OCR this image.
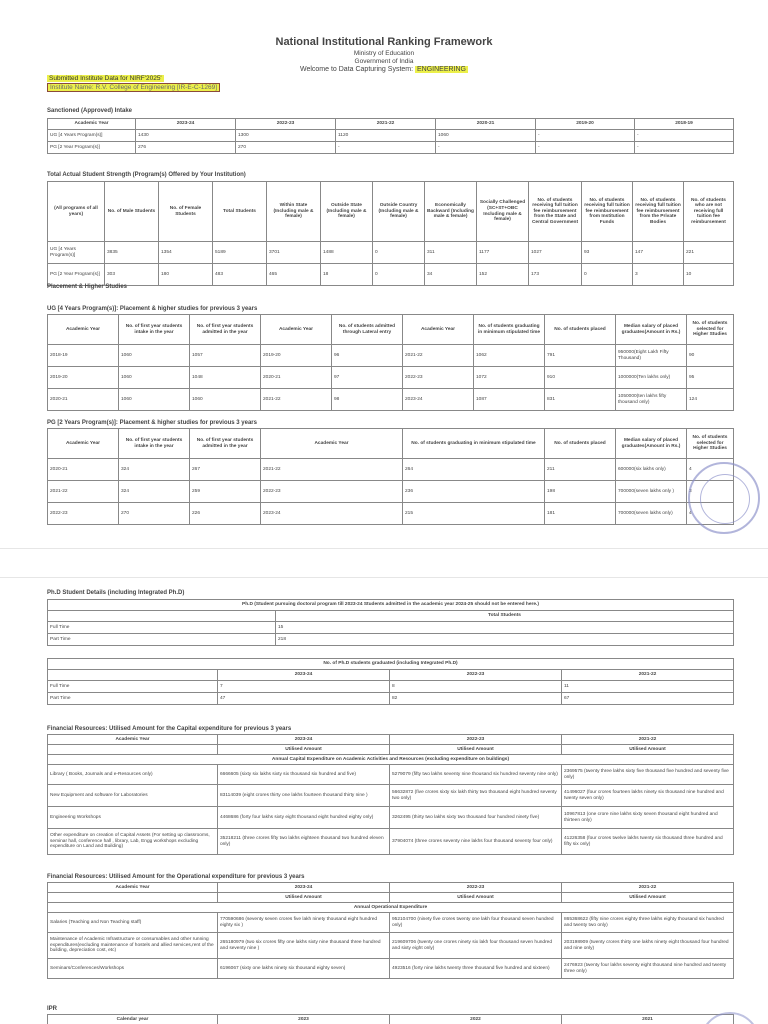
National Institutional Ranking Framework
Ministry of Education
Government of India
Welcome to Data Capturing System: ENGINEERING
Submitted Institute Data for NIRF'2025'
Institute Name: R.V. College of Engineering [IR-E-C-1269]
Sanctioned (Approved) Intake
Academic Year	2023-24	2022-23	2021-22	2020-21	2019-20	2018-19
UG [4 Years Program(s)]	1430	1300	1120	1060	-	-
PG [2 Year Program(s)]	276	270	-	-	-	-
Total Actual Student Strength (Program(s) Offered by Your Institution)
(All programs of all years)	No. of Male Students	No. of Female Students	Total Students	Within State (Including male & female)	Outside State (Including male & female)	Outside Country (Including male & female)	Economically Backward (Including male & female)	Socially Challenged (SC+ST+OBC Including male & female)	No. of students receiving full tuition fee reimbursement from the State and Central Government	No. of students receiving full tuition fee reimbursement from Institution Funds	No. of students receiving full tuition fee reimbursement from the Private Bodies	No. of students who are not receiving full tuition fee reimbursement
UG [4 Years Program(s)]	3835	1354	5189	3701	1488	0	311	1177	1027	93	147	221
PG [2 Year Program(s)]	303	180	483	465	18	0	34	152	173	0	3	10
Placement & Higher Studies
UG [4 Years Program(s)]: Placement & higher studies for previous 3 years
Academic Year	No. of first year students intake in the year	No. of first year students admitted in the year	Academic Year	No. of students admitted through Lateral entry	Academic Year	No. of students graduating in minimum stipulated time	No. of students placed	Median salary of placed graduates(Amount in Rs.)	No. of students selected for Higher Studies
2018-19	1060	1057	2019-20	96	2021-22	1062	791	950000(Eight Lakh Fifty Thousand)	90
2019-20	1060	1048	2020-21	97	2022-23	1072	910	1000000(Ten lakhs only)	95
2020-21	1060	1060	2021-22	98	2023-24	1087	831	1050000(ten lakhs fifty thousand only)	124
PG [2 Years Program(s)]: Placement & higher studies for previous 3 years
Academic Year	No. of first year students intake in the year	No. of first year students admitted in the year	Academic Year	No. of students graduating in minimum stipulated time	No. of students placed	Median salary of placed graduates(Amount in Rs.)	No. of students selected for Higher Studies
2020-21	324	267	2021-22	264	211	600000(six lakhs only)	4
2021-22	324	259	2022-23	236	198	700000(seven lakhs only )	3
2022-23	270	226	2023-24	215	181	700000(seven lakhs only)	4
Ph.D Student Details (including Integrated Ph.D)
Ph.D (Student pursuing doctoral program till 2023-24 Students admitted in the academic year 2024-25 should not be entered here.)	
	Total Students
Full Time	15
Part Time	218
No. of Ph.D students graduated (including Integrated Ph.D)			
	2023-24	2022-23	2021-22
Full Time	7	8	11
Part Time	47	82	67
Financial Resources: Utilised Amount for the Capital expenditure for previous 3 years
Academic Year	2023-24	2022-23	2021-22
	Utilised Amount	Utilised Amount	Utilised Amount
Annual Capital Expenditure on Academic Activities and Resources (excluding expenditure on buildings)			
Library ( Books, Journals and e-Resources only)	6666605 (sixty six lakhs sixty six thousand six hundred and five)	5279079 (fifty two lakhs seventy nine thousand six hundred seventy nine only)	2369575 (twenty three lakhs sixty five thousand five hundred and seventy five only)
New Equipment and software for Laboratories	83114039 (eight crores thirty one lakhs fourteen thousand thirty nine )	56632872 (five crores sixty six lakh thirty two thousand eight hundred seventy two only)	41496027 (four crores fourteen lakhs ninety six thousand nine hundred and twenty seven only)
Engineering Workshops	4468686 (forty four lakhs sixty eight thousand eight hundred eighty only)	3262495 (thirty two lakhs sixty two thousand four hundred ninety five)	10967813 (one crore nine lakhs sixty seven thousand eight hundred and thirteen only)
Other expenditure on creation of Capital Assets (For setting up classrooms, seminar hall, conference hall , library, Lab, Engg workshops excluding expenditure on Land and Building)	35218211 (three crores fifty two lakhs eighteen thousand two hundred eleven only)	37904074 (three crores seventy nine lakhs four thousand seventy four only)	41226358 (four crores twelve lakhs twenty six thousand three hundred and fifty six only)
Financial Resources: Utilised Amount for the Operational expenditure for previous 3 years
Academic Year	2023-24	2022-23	2021-22
	Utilised Amount	Utilised Amount	Utilised Amount
Annual Operational Expenditure			
Salaries (Teaching and Non Teaching staff)	770590686 (seventy seven crores five lakh ninety thousand eight hundred eighty six )	952104700 (ninety five crores twenty one lakh four thousand seven hundred only)	865368622 (fifty nine crores eighty three lakhs eighty thousand six hundred and twenty two only)
Maintenance of Academic Infrastructure or consumables and other running expenditures(excluding maintenance of hostels and allied services,rent of the building, depreciation cost, etc)	265180979 (two six crores fifty one lakhs sixty nine thousand three hundred and seventy nine )	219609706 (twenty one crores ninety six lakh four thousand seven hundred and sixty eight only)	203198909 (twenty crores thirty one lakhs ninety eight thousand four hundred and nine only)
Seminars/Conferences/Workshops	6196067 (sixty one lakhs ninety six thousand eighty seven)	4923516 (forty nine lakhs twenty three thousand five hundred and sixteen)	2476923 (twenty four lakhs seventy eight thousand nine hundred and twenty three only)
IPR
Calendar year	2023	2022	2021
